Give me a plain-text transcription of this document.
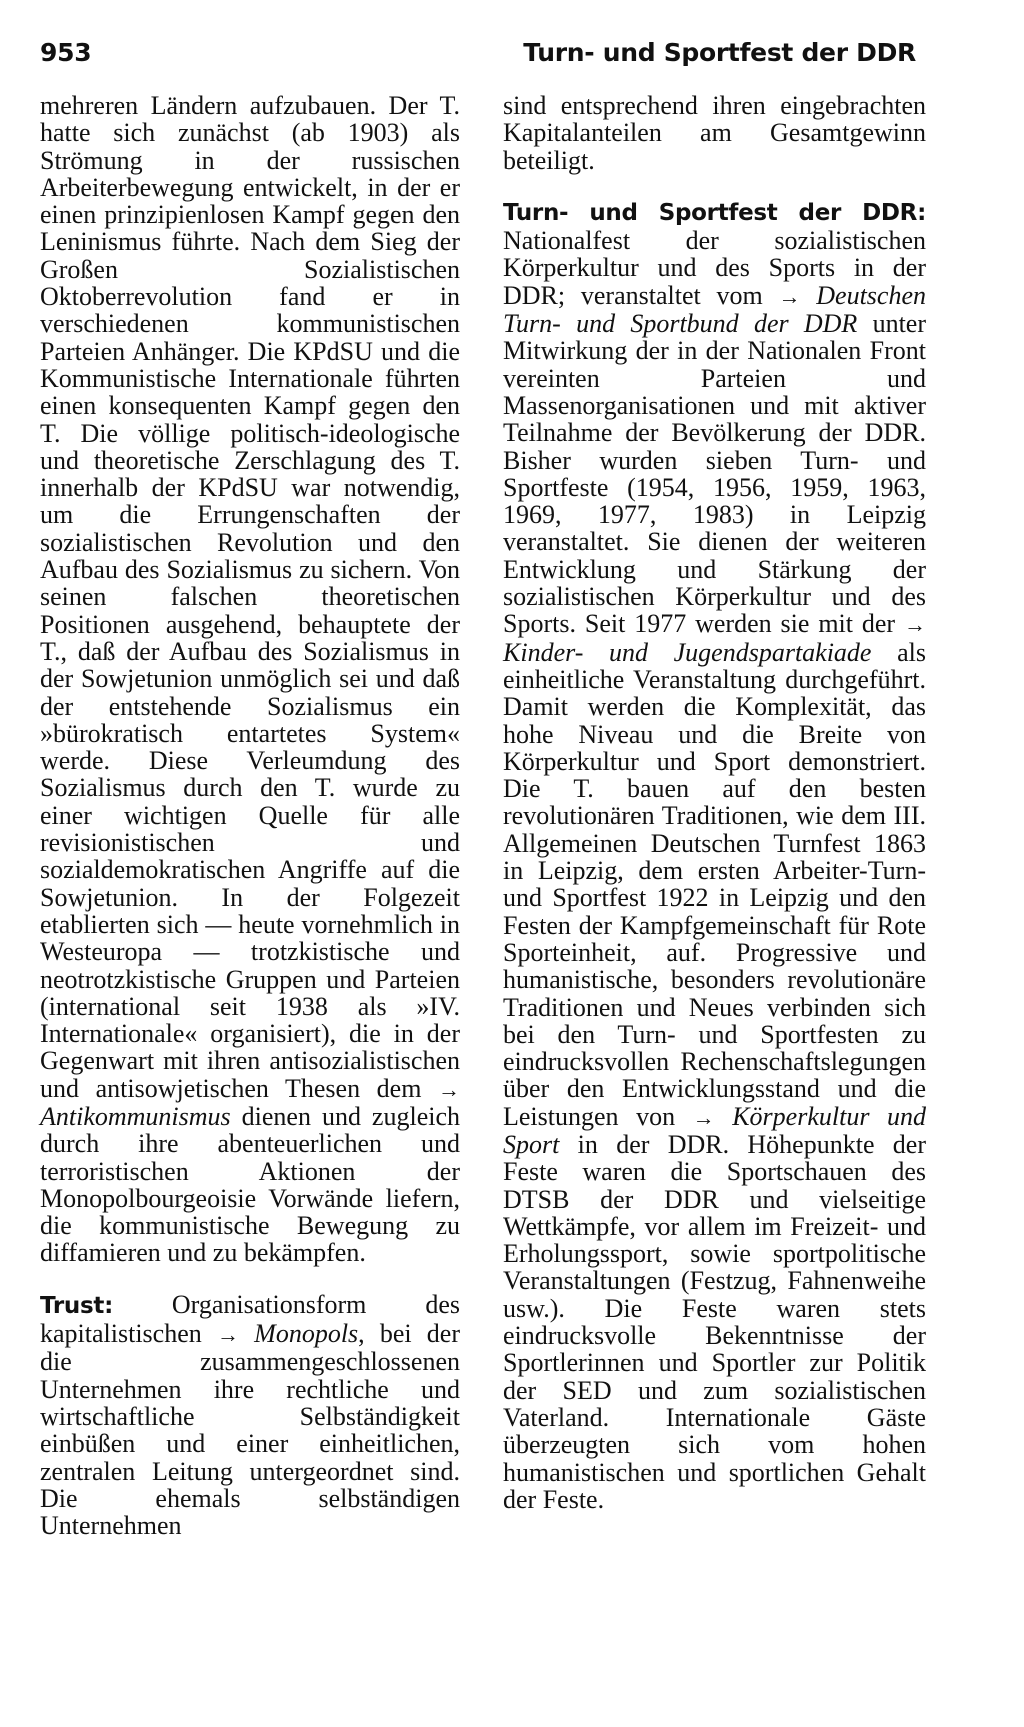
953	Turn- und Sportfest der DDR
mehreren Ländern aufzubauen. Der T. hatte sich zunächst (ab 1903) als Strömung in der russischen Arbeiterbewegung entwickelt, in der er einen prinzipienlosen Kampf gegen den Leninismus führte. Nach dem Sieg der Großen Sozialistischen Oktoberrevolution fand er in verschiedenen kommunistischen Parteien Anhänger. Die KPdSU und die Kommunistische Internationale führten einen konsequenten Kampf gegen den T. Die völlige politisch-ideologische und theoretische Zerschlagung des T. innerhalb der KPdSU war notwendig, um die Errungenschaften der sozialistischen Revolution und den Aufbau des Sozialismus zu sichern. Von seinen falschen theoretischen Positionen ausgehend, behauptete der T., daß der Aufbau des Sozialismus in der Sowjetunion unmöglich sei und daß der entstehende Sozialismus ein »bürokratisch entartetes System« werde. Diese Verleumdung des Sozialismus durch den T. wurde zu einer wichtigen Quelle für alle revisionistischen und sozialdemokratischen Angriffe auf die Sowjetunion. In der Folgezeit etablierten sich — heute vornehmlich in Westeuropa — trotzkistische und neotrotzkistische Gruppen und Parteien (international seit 1938 als »IV. Internationale« organisiert), die in der Gegenwart mit ihren antisozialistischen und antisowjetischen Thesen dem → Antikommunismus dienen und zugleich durch ihre abenteuerlichen und terroristischen Aktionen der Monopolbourgeoisie Vorwände liefern, die kommunistische Bewegung zu diffamieren und zu bekämpfen.
Trust: Organisationsform des kapitalistischen → Monopols, bei der die zusammengeschlossenen Unternehmen ihre rechtliche und wirtschaftliche Selbständigkeit einbüßen und einer einheitlichen, zentralen Leitung untergeordnet sind. Die ehemals selbständigen Unternehmen
sind entsprechend ihren eingebrachten Kapitalanteilen am Gesamtgewinn beteiligt.
Turn- und Sportfest der DDR: Nationalfest der sozialistischen Körperkultur und des Sports in der DDR; veranstaltet vom → Deutschen Turn- und Sportbund der DDR unter Mitwirkung der in der Nationalen Front vereinten Parteien und Massenorganisationen und mit aktiver Teilnahme der Bevölkerung der DDR. Bisher wurden sieben Turn- und Sportfeste (1954, 1956, 1959, 1963, 1969, 1977, 1983) in Leipzig veranstaltet. Sie dienen der weiteren Entwicklung und Stärkung der sozialistischen Körperkultur und des Sports. Seit 1977 werden sie mit der → Kinder- und Jugendspartakiade als einheitliche Veranstaltung durchgeführt. Damit werden die Komplexität, das hohe Niveau und die Breite von Körperkultur und Sport demonstriert. Die T. bauen auf den besten revolutionären Traditionen, wie dem III. Allgemeinen Deutschen Turnfest 1863 in Leipzig, dem ersten Arbeiter-Turn- und Sportfest 1922 in Leipzig und den Festen der Kampfgemeinschaft für Rote Sporteinheit, auf. Progressive und humanistische, besonders revolutionäre Traditionen und Neues verbinden sich bei den Turn- und Sportfesten zu eindrucksvollen Rechenschaftslegungen über den Entwicklungsstand und die Leistungen von → Körperkultur und Sport in der DDR. Höhepunkte der Feste waren die Sportschauen des DTSB der DDR und vielseitige Wettkämpfe, vor allem im Freizeit- und Erholungssport, sowie sportpolitische Veranstaltungen (Festzug, Fahnenweihe usw.). Die Feste waren stets eindrucksvolle Bekenntnisse der Sportlerinnen und Sportler zur Politik der SED und zum sozialistischen Vaterland. Internationale Gäste überzeugten sich vom hohen humanistischen und sportlichen Gehalt der Feste.
